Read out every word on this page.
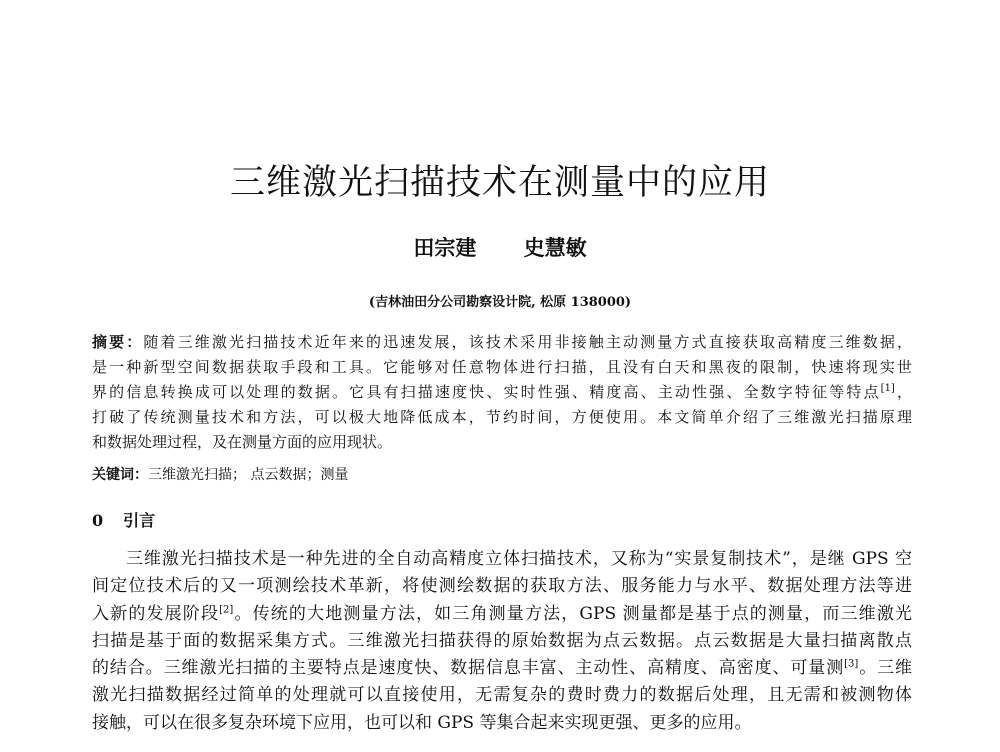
三维激光扫描技术在测量中的应用
田宗建 史慧敏
(吉林油田分公司勘察设计院, 松原 138000)
摘要：随着三维激光扫描技术近年来的迅速发展，该技术采用非接触主动测量方式直接获取高精度三维数据，
是一种新型空间数据获取手段和工具。它能够对任意物体进行扫描，且没有白天和黑夜的限制，快速将现实世
界的信息转换成可以处理的数据。它具有扫描速度快、实时性强、精度高、主动性强、全数字特征等特点[1]，
打破了传统测量技术和方法，可以极大地降低成本，节约时间，方便使用。本文简单介绍了三维激光扫描原理
和数据处理过程，及在测量方面的应用现状。
关键词：三维激光扫描； 点云数据；测量
0 引言
三维激光扫描技术是一种先进的全自动高精度立体扫描技术，又称为“实景复制技术”，是继 GPS 空
间定位技术后的又一项测绘技术革新，将使测绘数据的获取方法、服务能力与水平、数据处理方法等进
入新的发展阶段[2]。传统的大地测量方法，如三角测量方法，GPS 测量都是基于点的测量，而三维激光
扫描是基于面的数据采集方式。三维激光扫描获得的原始数据为点云数据。点云数据是大量扫描离散点
的结合。三维激光扫描的主要特点是速度快、数据信息丰富、主动性、高精度、高密度、可量测[3]。三维
激光扫描数据经过简单的处理就可以直接使用，无需复杂的费时费力的数据后处理，且无需和被测物体
接触，可以在很多复杂环境下应用，也可以和 GPS 等集合起来实现更强、更多的应用。
